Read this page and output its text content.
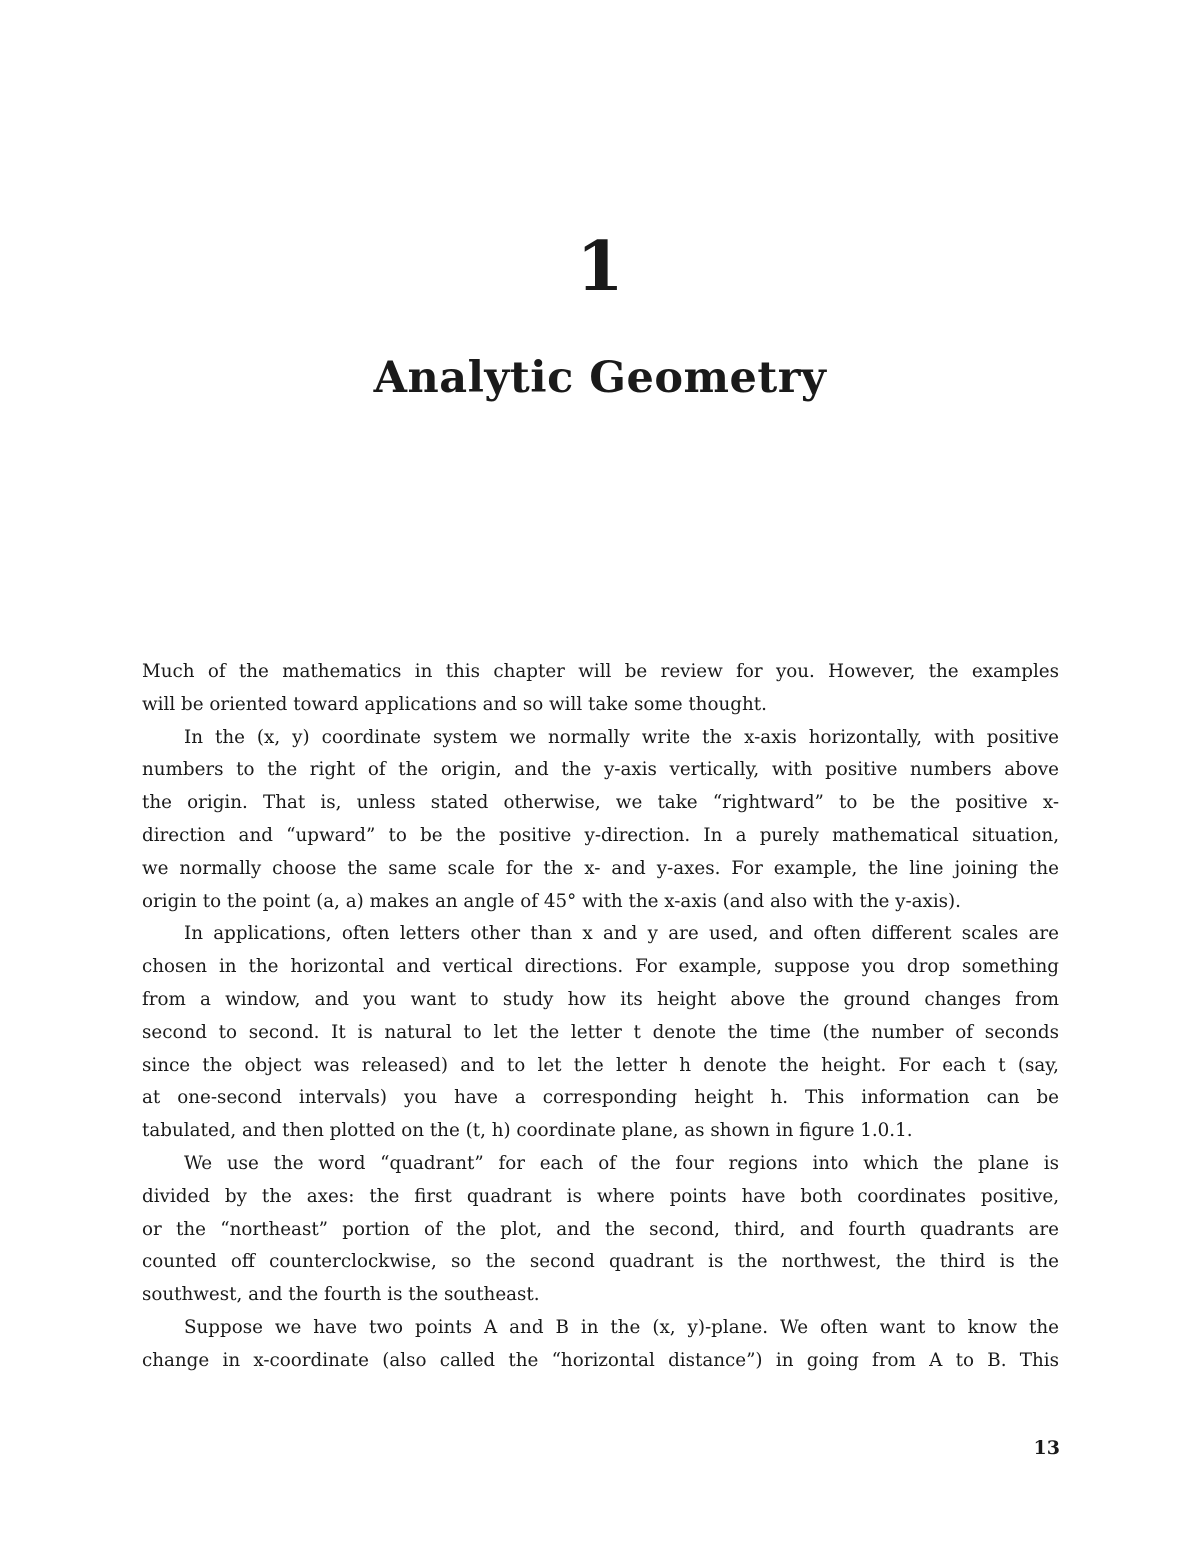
1
Analytic Geometry
Much of the mathematics in this chapter will be review for you. However, the examples
will be oriented toward applications and so will take some thought.
In the (x, y) coordinate system we normally write the x-axis horizontally, with positive
numbers to the right of the origin, and the y-axis vertically, with positive numbers above
the origin. That is, unless stated otherwise, we take “rightward” to be the positive x-
direction and “upward” to be the positive y-direction. In a purely mathematical situation,
we normally choose the same scale for the x- and y-axes. For example, the line joining the
origin to the point (a, a) makes an angle of 45° with the x-axis (and also with the y-axis).
In applications, often letters other than x and y are used, and often different scales are
chosen in the horizontal and vertical directions. For example, suppose you drop something
from a window, and you want to study how its height above the ground changes from
second to second. It is natural to let the letter t denote the time (the number of seconds
since the object was released) and to let the letter h denote the height. For each t (say,
at one-second intervals) you have a corresponding height h. This information can be
tabulated, and then plotted on the (t, h) coordinate plane, as shown in figure 1.0.1.
We use the word “quadrant” for each of the four regions into which the plane is
divided by the axes: the first quadrant is where points have both coordinates positive,
or the “northeast” portion of the plot, and the second, third, and fourth quadrants are
counted off counterclockwise, so the second quadrant is the northwest, the third is the
southwest, and the fourth is the southeast.
Suppose we have two points A and B in the (x, y)-plane. We often want to know the
change in x-coordinate (also called the “horizontal distance”) in going from A to B. This
13
